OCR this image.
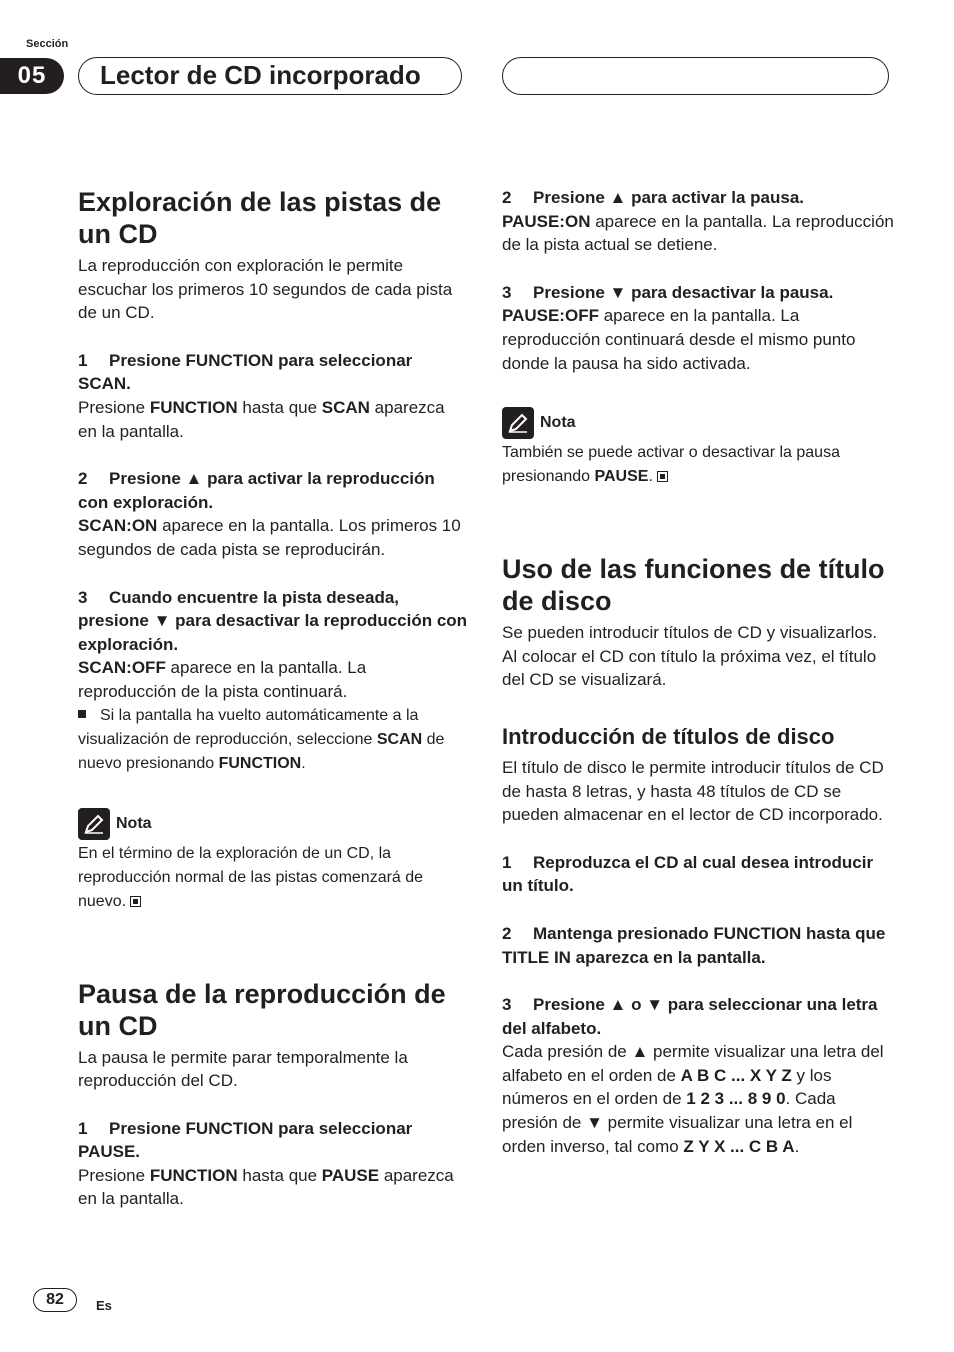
Sección
05	Lector de CD incorporado
Exploración de las pistas de un CD

La reproducción con exploración le permite escuchar los primeros 10 segundos de cada pista de un CD.

1 Presione FUNCTION para seleccionar SCAN.

Presione FUNCTION hasta que SCAN aparezca en la pantalla.

2 Presione ▲ para activar la reproducción con exploración.

SCAN:ON aparece en la pantalla. Los primeros 10 segundos de cada pista se reproducirán.

3 Cuando encuentre la pista deseada, presione ▼ para desactivar la reproducción con exploración.

SCAN:OFF aparece en la pantalla. La reproducción de la pista continuará.

Si la pantalla ha vuelto automáticamente a la visualización de reproducción, seleccione SCAN de nuevo presionando FUNCTION.

Nota

En el término de la exploración de un CD, la reproducción normal de las pistas comenzará de nuevo.

Pausa de la reproducción de un CD

La pausa le permite parar temporalmente la reproducción del CD.

1 Presione FUNCTION para seleccionar PAUSE.

Presione FUNCTION hasta que PAUSE aparezca en la pantalla.

2 Presione ▲ para activar la pausa.

PAUSE:ON aparece en la pantalla. La reproducción de la pista actual se detiene.

3 Presione ▼ para desactivar la pausa.

PAUSE:OFF aparece en la pantalla. La reproducción continuará desde el mismo punto donde la pausa ha sido activada.

Nota

También se puede activar o desactivar la pausa presionando PAUSE.

Uso de las funciones de título de disco

Se pueden introducir títulos de CD y visualizarlos. Al colocar el CD con título la próxima vez, el título del CD se visualizará.

Introducción de títulos de disco

El título de disco le permite introducir títulos de CD de hasta 8 letras, y hasta 48 títulos de CD se pueden almacenar en el lector de CD incorporado.

1 Reproduzca el CD al cual desea introducir un título.

2 Mantenga presionado FUNCTION hasta que TITLE IN aparezca en la pantalla.

3 Presione ▲ o ▼ para seleccionar una letra del alfabeto.

Cada presión de ▲ permite visualizar una letra del alfabeto en el orden de A B C ... X Y Z y los números en el orden de 1 2 3 ... 8 9 0. Cada presión de ▼ permite visualizar una letra en el orden inverso, tal como Z Y X ... C B A.

82	Es
